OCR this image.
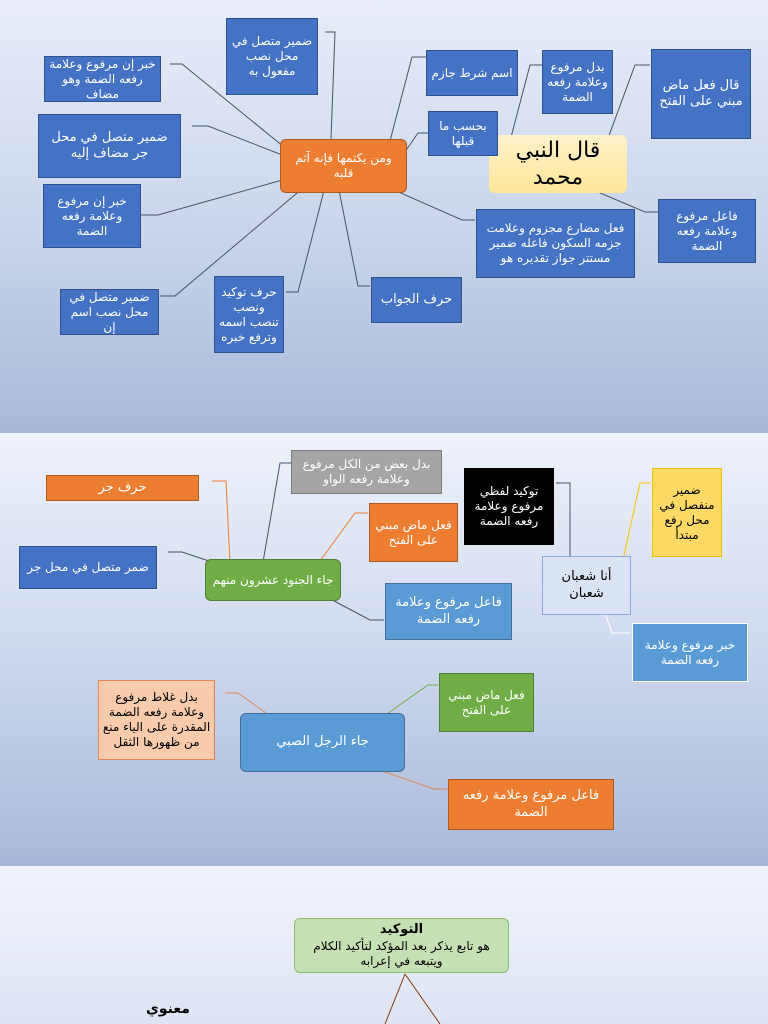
قال النبي محمد
ومن يكتمها فإنه آثم قلبه
قال فعل ماض مبني على الفتح
فاعل مرفوع وعلامة رفعه الضمة
بدل مرفوع وعلامة رفعه الضمة
اسم شرط جازم
بحسب ما قبلها
ضمير متصل في محل نصب مفعول به
خبر إن مرفوع وعلامة رفعه الضمة وهو مضاف
ضمير متصل في محل جر مضاف إليه
خبر إن مرفوع وعلامة رفعه الضمة
ضمير متصل في محل نصب اسم إن
حرف توكيد ونصب تنصب اسمه وترفع خبره
حرف الجواب
فعل مضارع مجزوم وعلامت جزمه السكون فاعله ضمير مستتر جواز تقديره هو
جاء الجنود عشرون منهم
حرف جر
ضمر متصل في محل جر
بدل بعض من الكل مرفوع وعلامة رفعه الواو
فعل ماض مبني على الفتح
فاعل مرفوع وعلامة رفعه الضمة
توكيد لفظي مرفوع وعلامة رفعه الضمة
أنا شعبان شعبان
ضمير منفصل في محل رفع مبتدأ
خبر مرفوع وعلامة رفعه الضمة
جاء الرجل الصبي
بدل غلاط مرفوع وعلامة رفعه الضمة المقدرة على الياء منع من ظهورها الثقل
فعل ماض مبني على الفتح
فاعل مرفوع وعلامة رفعه الضمة
التوكيد
هو تابع يذكر بعد المؤكد لتأكيد الكلام ويتبعه في إعرابه
معنوي
